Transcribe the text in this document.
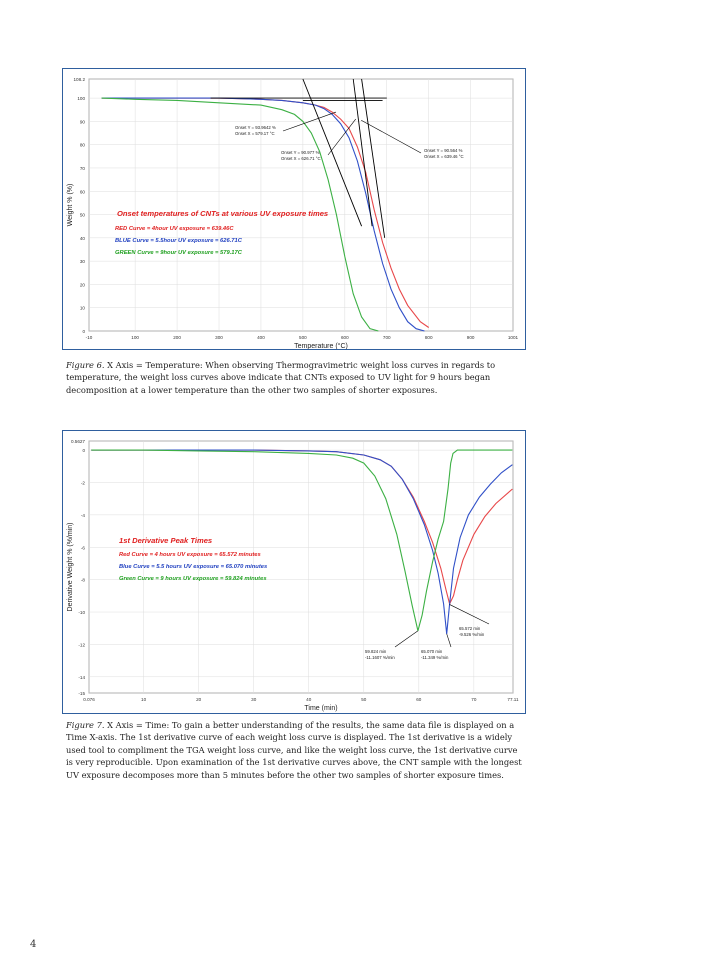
0
10
20
30
40
50
60
70
80
90
100
108.2
-10	100	200	300	400	500	600	700	800	900	1001
Temperature (°C)
Weight % (%)	Onset temperatures of CNTs at various UV exposure times
RED Curve = 4hour UV exposure = 639.46C
BLUE Curve = 5.5hour UV exposure = 626.71C
GREEN Curve = 9hour UV exposure = 579.17C
Onset Y = 93.9642 %
Onset X = 579.17 °C
Onset Y = 90.977 %
Onset X = 626.71 °C
Onset Y = 90.564 %
Onset X = 639.46 °C
Figure 6. X Axis = Temperature: When observing Thermogravimetric weight loss curves in regards to temperature, the weight loss curves above indicate that CNTs exposed to UV light for 9 hours began decomposition at a lower temperature than the other two samples of shorter exposures.
-15
-14
-12
-10
-8
-6
-4
-2
0
0.5627
0.076	10	20	30	40	50	60	70	77.11
Time (min)
Derivative Weight % (%/min)	1st Derivative Peak Times
Red Curve = 4 hours UV exposure = 65.572 minutes
Blue Curve = 5.5 hours UV exposure = 65.070 minutes
Green Curve = 9 hours UV exposure = 59.824 minutes
59.824 min
-11.1607 %/min
65.070 min
-11.349 %/min
65.572 min
-9.526 %/min
Figure 7. X Axis = Time: To gain a better understanding of the results, the same data file is displayed on a Time X-axis. The 1st derivative curve of each weight loss curve is displayed. The 1st derivative is a widely used tool to compliment the TGA weight loss curve, and like the weight loss curve, the 1st derivative curve is very reproducible. Upon examination of the 1st derivative curves above, the CNT sample with the longest UV exposure decomposes more than 5 minutes before the other two samples of shorter exposure times.
4
